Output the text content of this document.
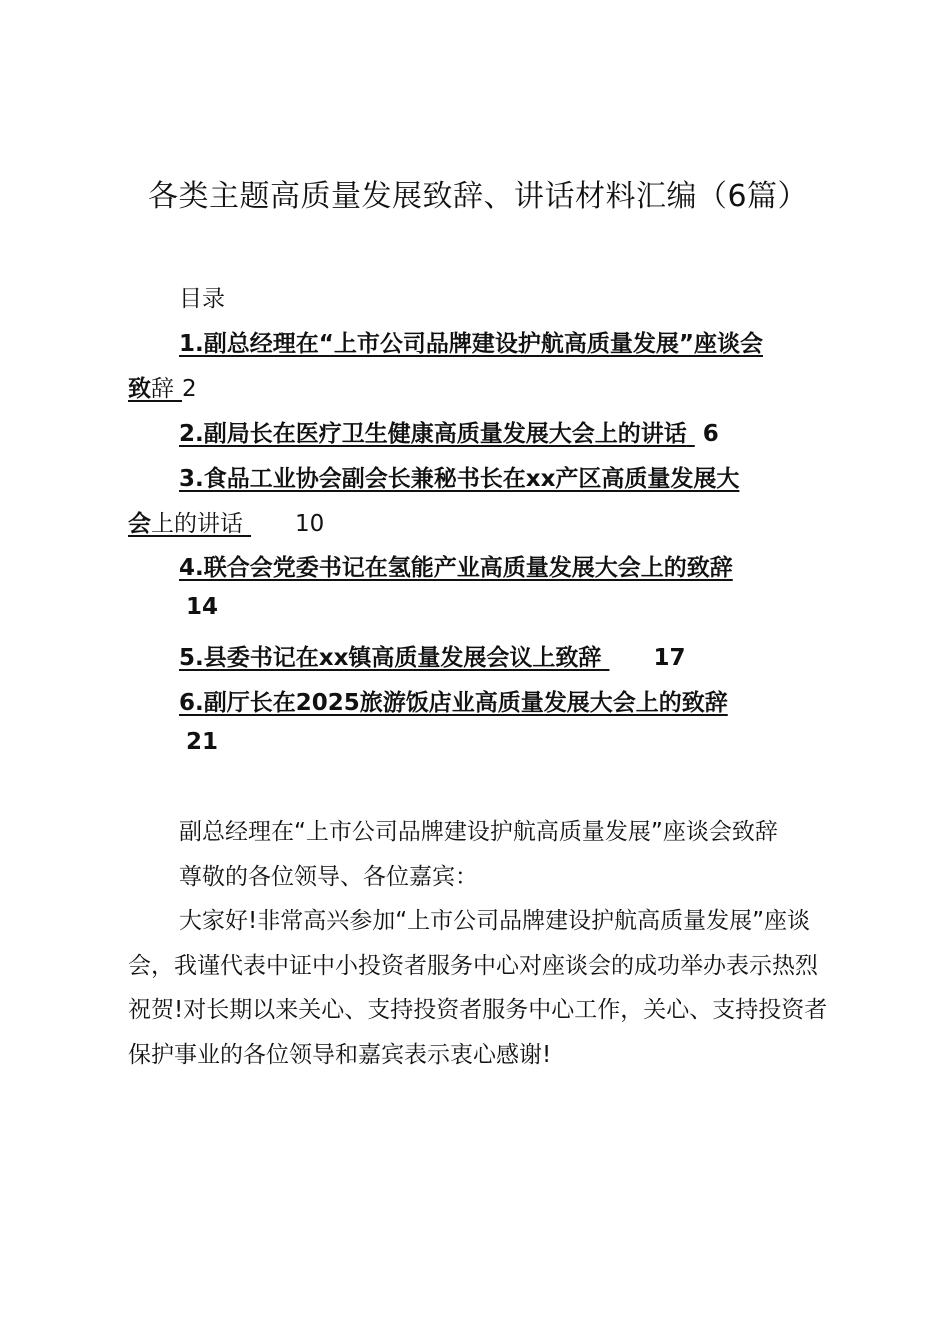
各类主题高质量发展致辞、讲话材料汇编（6篇）
目录
1.副总经理在“上市公司品牌建设护航高质量发展”座谈会
致辞 2
2.副局长在医疗卫生健康高质量发展大会上的讲话 6
3.食品工业协会副会长兼秘书长在xx产区高质量发展大
会上的讲话 10
4.联合会党委书记在氢能产业高质量发展大会上的致辞
14
5.县委书记在xx镇高质量发展会议上致辞 17
6.副厅长在2025旅游饭店业高质量发展大会上的致辞
21

副总经理在“上市公司品牌建设护航高质量发展”座谈会致辞

尊敬的各位领导、各位嘉宾：

大家好!非常高兴参加“上市公司品牌建设护航高质量发展”座谈会，我谨代表中证中小投资者服务中心对座谈会的成功举办表示热烈祝贺!对长期以来关心、支持投资者服务中心工作，关心、支持投资者保护事业的各位领导和嘉宾表示衷心感谢!
